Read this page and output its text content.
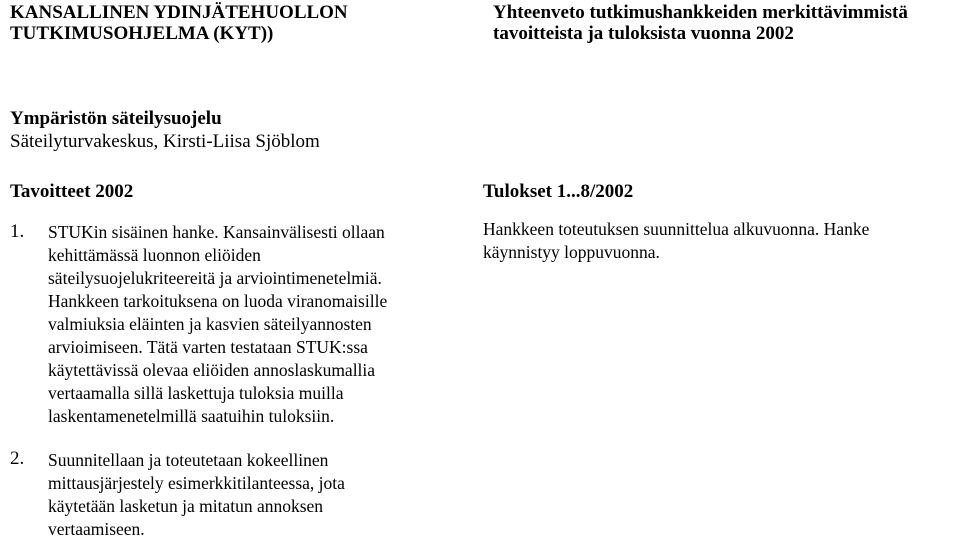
KANSALLINEN YDINJÄTEHUOLLON
TUTKIMUSOHJELMA (KYT))
Yhteenveto tutkimushankkeiden merkittävimmistä
tavoitteista ja tuloksista vuonna 2002
Ympäristön säteilysuojelu
Säteilyturvakeskus, Kirsti-Liisa Sjöblom
Tavoitteet 2002
1. STUKin sisäinen hanke. Kansainvälisesti ollaan
kehittämässä luonnon eliöiden
säteilysuojelukriteereitä ja arviointimenetelmiä.
Hankkeen tarkoituksena on luoda viranomaisille
valmiuksia eläinten ja kasvien säteilyannosten
arvioimiseen. Tätä varten testataan STUK:ssa
käytettävissä olevaa eliöiden annoslaskumallia
vertaamalla sillä laskettuja tuloksia muilla
laskentamenetelmillä saatuihin tuloksiin.
2. Suunnitellaan ja toteutetaan kokeellinen
mittausjärjestely esimerkkitilanteessa, jota
käytetään lasketun ja mitatun annoksen
vertaamiseen.
Tulokset 1...8/2002
Hankkeen toteutuksen suunnittelua alkuvuonna. Hanke
käynnistyy loppuvuonna.
